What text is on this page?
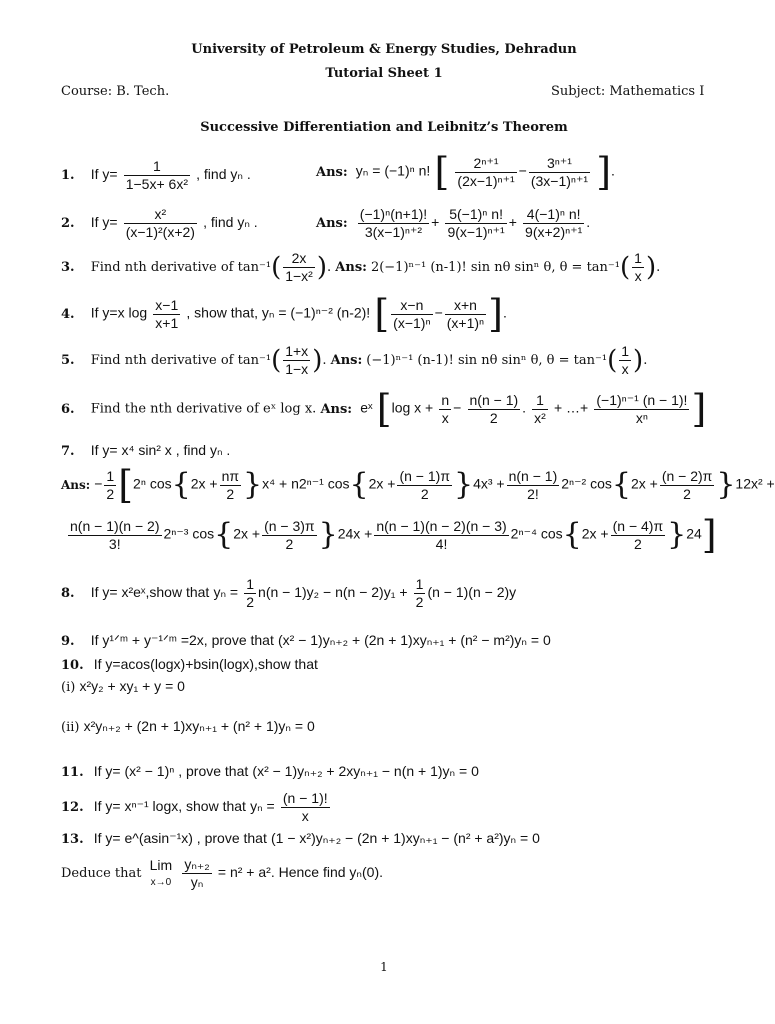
University of Petroleum & Energy Studies, Dehradun
Tutorial Sheet 1
Course: B. Tech.	Subject: Mathematics I
Successive Differentiation and Leibnitz’s Theorem
1. If $y= \frac{1}{\text{1−5x+ 6x²}}$ , find yₙ .	Ans: yₙ = (−1)ⁿ n! [ $\frac{\text{2ⁿ⁺¹}}{\text{(2x−1)ⁿ⁺¹}} - \frac{\text{3ⁿ⁺¹}}{\text{(3x−1)ⁿ⁺¹}}$ ].
2. If $y= \frac{\text{x²}}{\text{(x−1)²(x+2)}}$ , find yₙ .	Ans: $\frac{\text{(−1)ⁿ(n+1)!}}{\text{3(x−1)ⁿ⁺²}} + \frac{\text{5(−1)ⁿ n!}}{\text{9(x−1)ⁿ⁺¹}} + \frac{\text{4(−1)ⁿ n!}}{\text{9(x+2)ⁿ⁺¹}}$ .
3. Find nth derivative of $\tan^{-1}( \frac{2x}{\text{1−x²}}$ ). Ans: 2(−1)ⁿ⁻¹ (n-1)! sin nθ sinⁿ θ, $\theta = \tan^{-1}( \frac{1}{x}$ ).
4. If y=x $\log \frac{x-1}{x+1}$ , show that, yₙ = (−1)ⁿ⁻² (n-2)! [ $\frac{x-n}{\text{(x−1)ⁿ}} - \frac{x+n}{\text{(x+1)ⁿ}}$ ].
5. Find nth derivative of $\tan^{-1}( \frac{1+x}{1-x}$ ). Ans: (−1)ⁿ⁻¹ (n-1)! sin nθ sinⁿ θ, $\theta = \tan^{-1}( \frac{1}{x}$ ).
6. Find the nth derivative of eˣ log x. Ans: eˣ [log $x + \frac{n}{x} - \frac{n(n - 1)}{2}$ . $\frac{1}{\text{x²}}$ + …+ $\frac{\text{(−1)ⁿ⁻¹ (n − 1)!}}{\text{xⁿ}}$ ]
7. If y= x⁴ sin² x , find yₙ .
Ans: − $\frac{1}{2} [2^n$ $\cos\{2x + \frac{n\pi}{2} \}x^4 + n2^{n-1}$ $\cos\{2x + \frac{(n - 1)\pi}{2} \}4x^3 + \frac{n(n - 1)}{2!} 2^{n-2}$ $\cos\{2x + \frac{(n - 2)\pi}{2} \}12x^2$ +
$\frac{n(n - 1)(n - 2)}{3!} 2^{n-3}$ $\cos\{2x + \frac{(n - 3)\pi}{2} \}24x + \frac{n(n - 1)(n - 2)(n - 3)}{4!} 2^{n-4}$ $\cos\{2x + \frac{(n - 4)\pi}{2} \}24$]
8. If y= x²eˣ,show that $y_n = \frac{1}{2} n(n - 1)y_2 - n(n - 2)y_1 + \frac{1}{2} (n - 1)(n - 2)y$
9. If y¹ᐟᵐ + y⁻¹ᐟᵐ =2x, prove that (x² − 1)yₙ₊₂ + (2n + 1)xyₙ₊₁ + (n² − m²)yₙ = 0
10. If y=acos(logx)+bsin(logx),show that
(i) x²y₂ + xy₁ + y = 0
(ii) x²yₙ₊₂ + (2n + 1)xyₙ₊₁ + (n² + 1)yₙ = 0
11. If y= (x² − 1)ⁿ , prove that (x² − 1)yₙ₊₂ + 2xyₙ₊₁ − n(n + 1)yₙ = 0
12. If y= xⁿ⁻¹ logx, show that $y_n = \frac{(n - 1)!}{x}$
13. If y= e^(asin⁻¹x) , prove that (1 − x²)yₙ₊₂ − (2n + 1)xyₙ₊₁ − (n² + a²)yₙ = 0
Deduce that
Lim
x→0
$\frac{\text{yₙ₊₂}}{\text{yₙ}} = n^2 + a^2$. Hence find yₙ(0).
1
